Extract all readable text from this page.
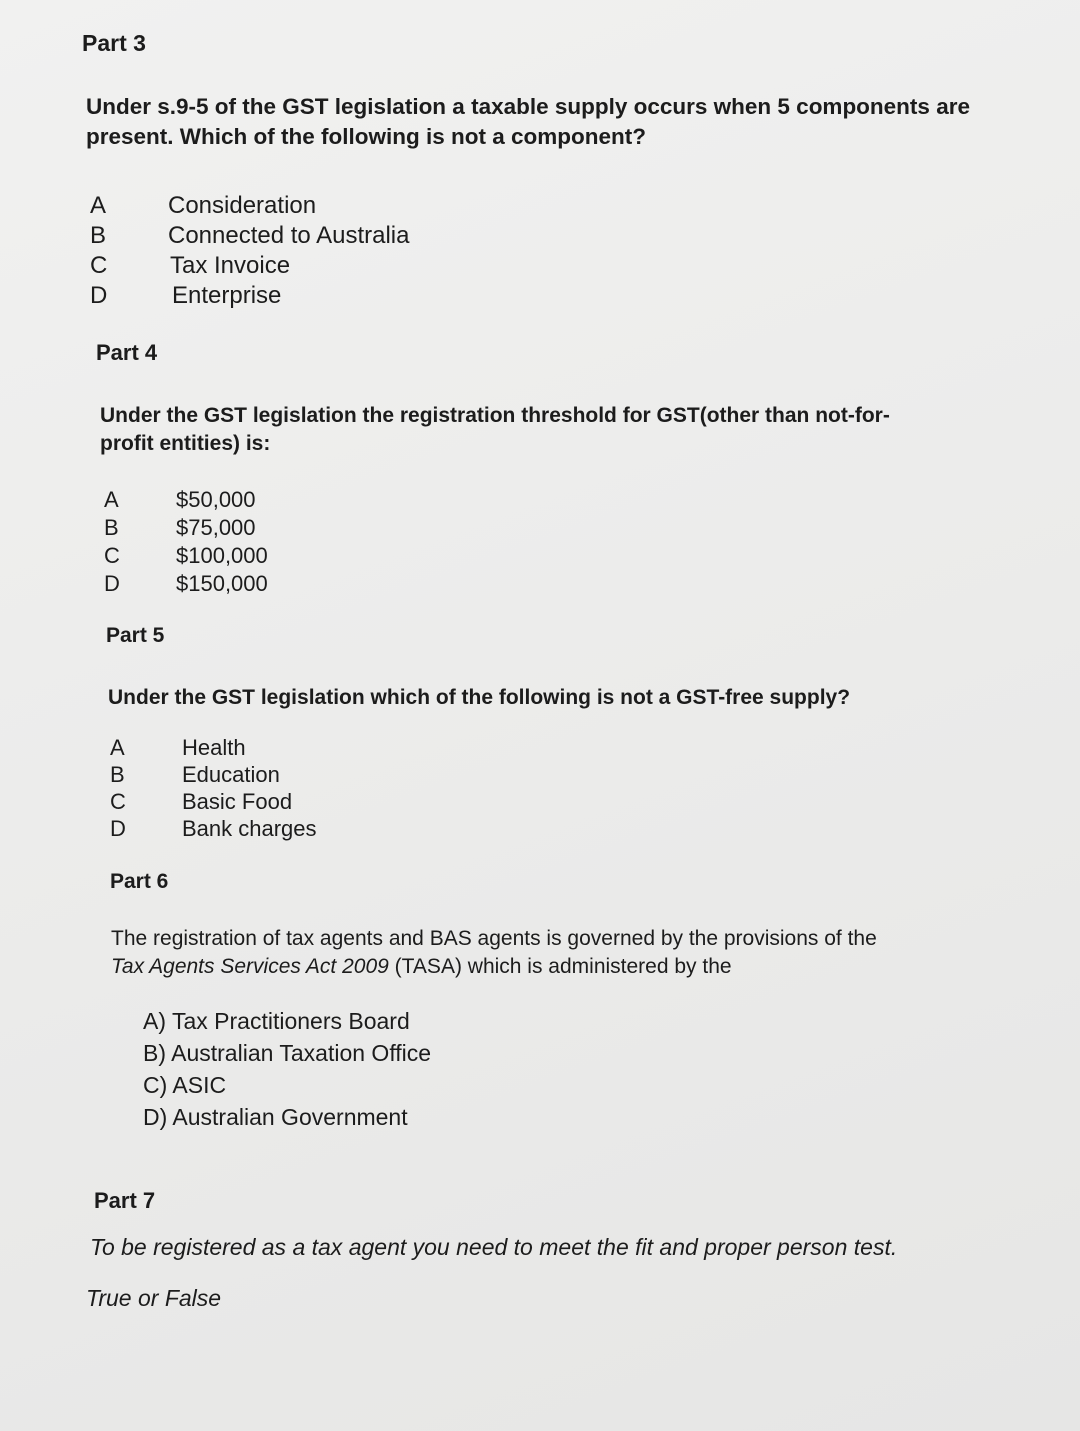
Part 3

Under s.9-5 of the GST legislation a taxable supply occurs when 5 components are
present. Which of the following is not a component?

A	Consideration
B	Connected to Australia
C	Tax Invoice
D	Enterprise
Part 4

Under the GST legislation the registration threshold for GST(other than not-for-
profit entities) is:

A	$50,000
B	$75,000
C	$100,000
D	$150,000
Part 5

Under the GST legislation which of the following is not a GST-free supply?

A	Health
B	Education
C	Basic Food
D	Bank charges
Part 6

The registration of tax agents and BAS agents is governed by the provisions of the
Tax Agents Services Act 2009 (TASA) which is administered by the

A) Tax Practitioners Board
B) Australian Taxation Office
C) ASIC
D) Australian Government
Part 7

To be registered as a tax agent you need to meet the fit and proper person test.

True or False
